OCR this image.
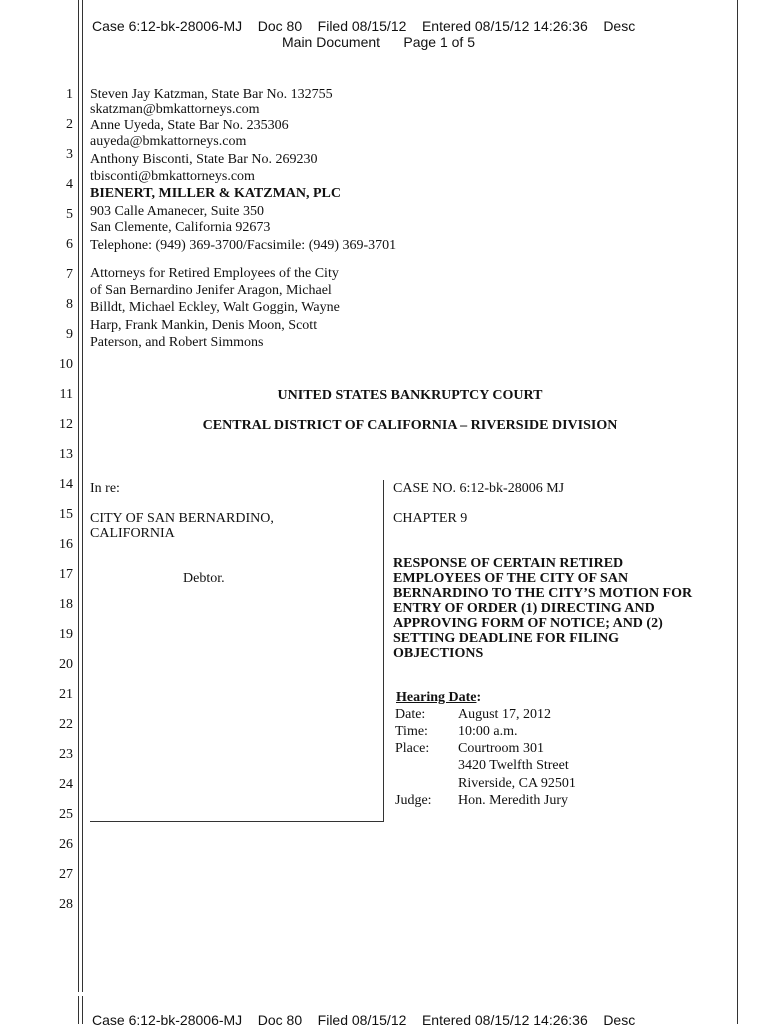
Case 6:12-bk-28006-MJ    Doc 80    Filed 08/15/12    Entered 08/15/12 14:26:36    Desc
Main Document      Page 1 of 5
Case 6:12-bk-28006-MJ    Doc 80    Filed 08/15/12    Entered 08/15/12 14:26:36    Desc
1
2
3
4
5
6
7
8
9
10
11
12
13
14
15
16
17
18
19
20
21
22
23
24
25
26
27
28
Steven Jay Katzman, State Bar No. 132755
skatzman@bmkattorneys.com
Anne Uyeda, State Bar No. 235306
auyeda@bmkattorneys.com
Anthony Bisconti, State Bar No. 269230
tbisconti@bmkattorneys.com
BIENERT, MILLER & KATZMAN, PLC
903 Calle Amanecer, Suite 350
San Clemente, California 92673
Telephone: (949) 369-3700/Facsimile: (949) 369-3701
Attorneys for Retired Employees of the City
of San Bernardino Jenifer Aragon, Michael
Billdt, Michael Eckley, Walt Goggin, Wayne
Harp, Frank Mankin, Denis Moon, Scott
Paterson, and Robert Simmons
UNITED STATES BANKRUPTCY COURT
CENTRAL DISTRICT OF CALIFORNIA – RIVERSIDE DIVISION
In re:
CITY OF SAN BERNARDINO,
CALIFORNIA
Debtor.
CASE NO. 6:12-bk-28006 MJ
CHAPTER 9
RESPONSE OF CERTAIN RETIRED
EMPLOYEES OF THE CITY OF SAN
BERNARDINO TO THE CITY’S MOTION FOR
ENTRY OF ORDER (1) DIRECTING AND
APPROVING FORM OF NOTICE; AND (2)
SETTING DEADLINE FOR FILING
OBJECTIONS
Hearing Date:
Date: August 17, 2012
Time: 10:00 a.m.
Place: Courtroom 301
3420 Twelfth Street
Riverside, CA 92501
Judge: Hon. Meredith Jury
